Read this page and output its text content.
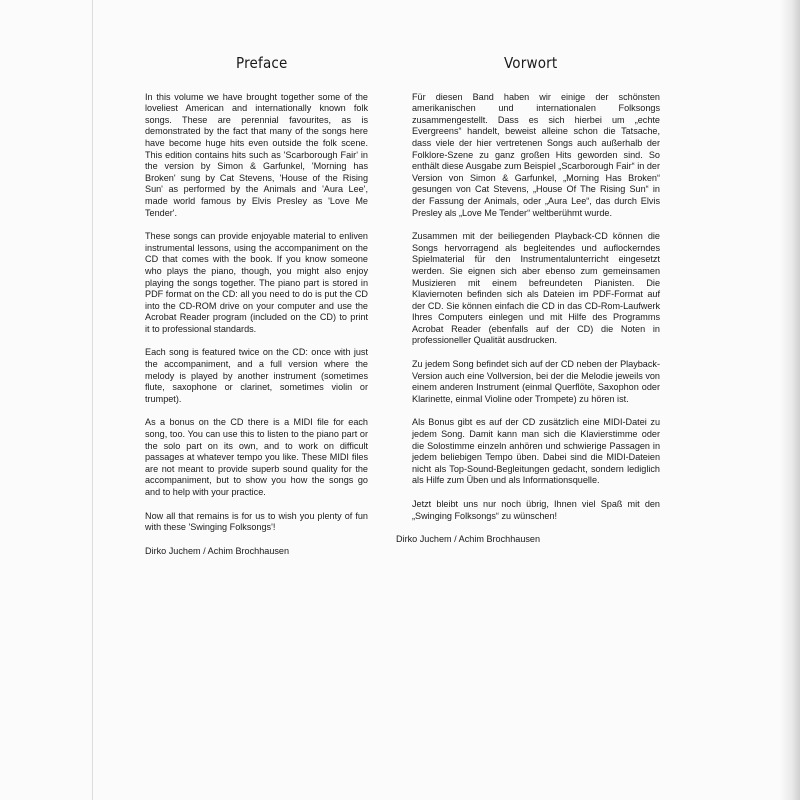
Preface

In this volume we have brought together some of the loveliest American and internationally known folk songs. These are perennial favourites, as is demonstrated by the fact that many of the songs here have become huge hits even outside the folk scene. This edition contains hits such as 'Scarborough Fair' in the version by Simon & Garfunkel, 'Morning has Broken' sung by Cat Stevens, 'House of the Rising Sun' as performed by the Animals and 'Aura Lee', made world famous by Elvis Presley as 'Love Me Tender'.

These songs can provide enjoyable material to enliven instrumental lessons, using the accompaniment on the CD that comes with the book. If you know someone who plays the piano, though, you might also enjoy playing the songs together. The piano part is stored in PDF format on the CD: all you need to do is put the CD into the CD-ROM drive on your computer and use the Acrobat Reader program (included on the CD) to print it to professional standards.

Each song is featured twice on the CD: once with just the accompaniment, and a full version where the melody is played by another instrument (sometimes flute, saxophone or clarinet, sometimes violin or trumpet).

As a bonus on the CD there is a MIDI file for each song, too. You can use this to listen to the piano part or the solo part on its own, and to work on difficult passages at whatever tempo you like. These MIDI files are not meant to provide superb sound quality for the accompaniment, but to show you how the songs go and to help with your practice.

Now all that remains is for us to wish you plenty of fun with these 'Swinging Folksongs'!

Dirko Juchem / Achim Brochhausen

Vorwort

Für diesen Band haben wir einige der schönsten amerikanischen und internationalen Folksongs zusammengestellt. Dass es sich hierbei um „echte Evergreens“ handelt, beweist alleine schon die Tatsache, dass viele der hier vertretenen Songs auch außerhalb der Folklore-Szene zu ganz großen Hits geworden sind. So enthält diese Ausgabe zum Beispiel „Scarborough Fair“ in der Version von Simon & Garfunkel, „Morning Has Broken“ gesungen von Cat Stevens, „House Of The Rising Sun“ in der Fassung der Animals, oder „Aura Lee“, das durch Elvis Presley als „Love Me Tender“ weltberühmt wurde.

Zusammen mit der beiliegenden Playback-CD können die Songs hervorragend als begleitendes und auflockerndes Spielmaterial für den Instrumentalunterricht eingesetzt werden. Sie eignen sich aber ebenso zum gemeinsamen Musizieren mit einem befreundeten Pianisten. Die Klaviernoten befinden sich als Dateien im PDF-Format auf der CD. Sie können einfach die CD in das CD-Rom-Laufwerk Ihres Computers einlegen und mit Hilfe des Programms Acrobat Reader (ebenfalls auf der CD) die Noten in professioneller Qualität ausdrucken.

Zu jedem Song befindet sich auf der CD neben der Playback-Version auch eine Vollversion, bei der die Melodie jeweils von einem anderen Instrument (einmal Querflöte, Saxophon oder Klarinette, einmal Violine oder Trompete) zu hören ist.

Als Bonus gibt es auf der CD zusätzlich eine MIDI-Datei zu jedem Song. Damit kann man sich die Klavierstimme oder die Solostimme einzeln anhören und schwierige Passagen in jedem beliebigen Tempo üben. Dabei sind die MIDI-Dateien nicht als Top-Sound-Begleitungen gedacht, sondern lediglich als Hilfe zum Üben und als Informationsquelle.

Jetzt bleibt uns nur noch übrig, Ihnen viel Spaß mit den „Swinging Folksongs“ zu wünschen!

Dirko Juchem / Achim Brochhausen
